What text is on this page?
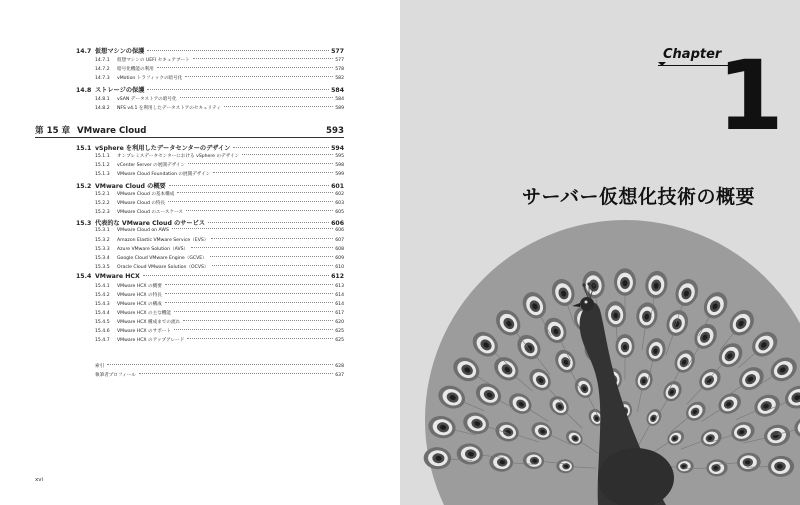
14.7 仮想マシンの保護	577
14.7.1	仮想マシンの UEFI セキュアブート	577
14.7.2	暗号化機能の利用	578
14.7.3	vMotion トラフィックの暗号化	582
14.8 ストレージの保護	584
14.8.1	vSAN データストアの暗号化	584
14.8.2	NFS v4.1 を利用したデータストアのセキュリティ	589
第 15 章 VMware Cloud	593
15.1 vSphere を利用したデータセンターのデザイン	594
15.1.1	オンプレミスデータセンターにおける vSphere のデザイン	595
15.1.2	vCenter Server の展開デザイン	598
15.1.3	VMware Cloud Foundation の展開デザイン	599
15.2 VMware Cloud の概要	601
15.2.1	VMware Cloud の基本構成	602
15.2.2	VMware Cloud の特長	603
15.2.3	VMware Cloud のユースケース	605
15.3 代表的な VMware Cloud のサービス	606
15.3.1	VMware Cloud on AWS	606
15.3.2	Amazon Elastic VMware Service（EVS）	607
15.3.3	Azure VMware Solution（AVS）	608
15.3.4	Google Cloud VMware Engine（GCVE）	609
15.3.5	Oracle Cloud VMware Solution（OCVS）	610
15.4 VMware HCX	612
15.4.1	VMware HCX の概要	613
15.4.2	VMware HCX の特長	614
15.4.3	VMware HCX の構成	614
15.4.4	VMware HCX の主な機能	617
15.4.5	VMware HCX 構成までの流れ	620
15.4.6	VMware HCX のサポート	625
15.4.7	VMware HCX のアップグレード	625
索引	628
執筆者プロフィール	637
xvi
Chapter
1
サーバー仮想化技術の概要
